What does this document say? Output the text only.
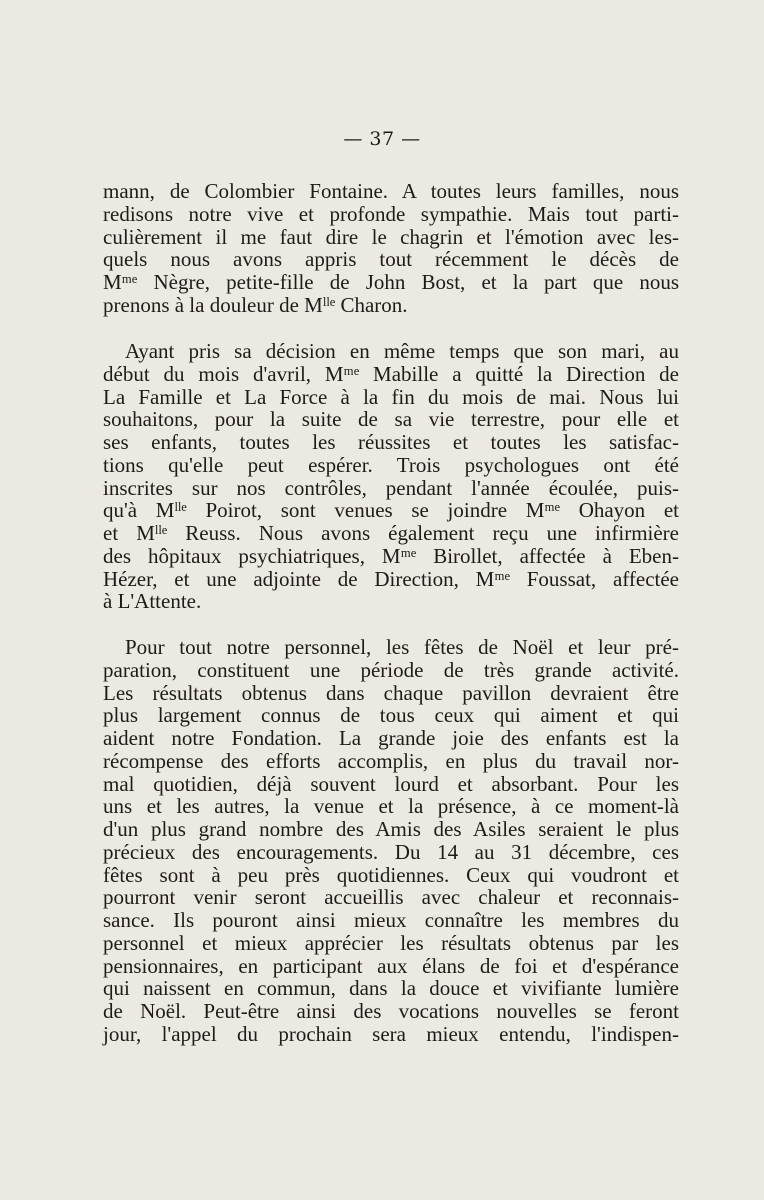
— 37 —
mann, de Colombier Fontaine. A toutes leurs familles, nous
redisons notre vive et profonde sympathie. Mais tout parti-
culièrement il me faut dire le chagrin et l'émotion avec les-
quels nous avons appris tout récemment le décès de
Mᵐᵉ Nègre, petite-fille de John Bost, et la part que nous
prenons à la douleur de Mˡˡᵉ Charon.
Ayant pris sa décision en même temps que son mari, au
début du mois d'avril, Mᵐᵉ Mabille a quitté la Direction de
La Famille et La Force à la fin du mois de mai. Nous lui
souhaitons, pour la suite de sa vie terrestre, pour elle et
ses enfants, toutes les réussites et toutes les satisfac-
tions qu'elle peut espérer. Trois psychologues ont été
inscrites sur nos contrôles, pendant l'année écoulée, puis-
qu'à Mˡˡᵉ Poirot, sont venues se joindre Mᵐᵉ Ohayon et
et Mˡˡᵉ Reuss. Nous avons également reçu une infirmière
des hôpitaux psychiatriques, Mᵐᵉ Birollet, affectée à Eben-
Hézer, et une adjointe de Direction, Mᵐᵉ Foussat, affectée
à L'Attente.
Pour tout notre personnel, les fêtes de Noël et leur pré-
paration, constituent une période de très grande activité.
Les résultats obtenus dans chaque pavillon devraient être
plus largement connus de tous ceux qui aiment et qui
aident notre Fondation. La grande joie des enfants est la
récompense des efforts accomplis, en plus du travail nor-
mal quotidien, déjà souvent lourd et absorbant. Pour les
uns et les autres, la venue et la présence, à ce moment-là
d'un plus grand nombre des Amis des Asiles seraient le plus
précieux des encouragements. Du 14 au 31 décembre, ces
fêtes sont à peu près quotidiennes. Ceux qui voudront et
pourront venir seront accueillis avec chaleur et reconnais-
sance. Ils pouront ainsi mieux connaître les membres du
personnel et mieux apprécier les résultats obtenus par les
pensionnaires, en participant aux élans de foi et d'espérance
qui naissent en commun, dans la douce et vivifiante lumière
de Noël. Peut-être ainsi des vocations nouvelles se feront
jour, l'appel du prochain sera mieux entendu, l'indispen-
